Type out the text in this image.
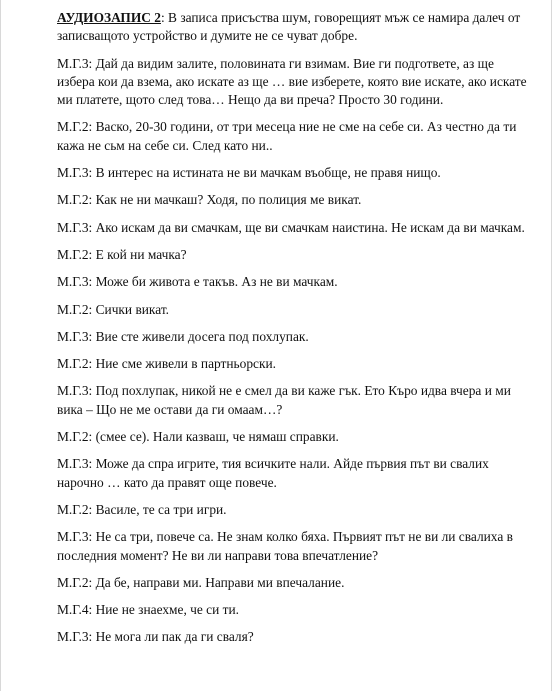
АУДИОЗАПИС 2: В записа присъства шум, говорещият мъж се намира далеч от записващото устройство и думите не се чуват добре.

М.Г.3: Дай да видим залите, половината ги взимам. Вие ги подгответе, аз ще избера кои да взема, ако искате аз ще … вие изберете, която вие искате, ако искате ми платете, щото след това… Нещо да ви преча? Просто 30 години.

М.Г.2: Васко, 20-30 години, от три месеца ние не сме на себе си. Аз честно да ти кажа не сьм на себе си. След като ни..

М.Г.3: В интерес на истината не ви мачкам въобще, не правя нищо.

М.Г.2: Как не ни мачкаш? Ходя, по полиция ме викат.

М.Г.3: Ако искам да ви смачкам, ще ви смачкам наистина. Не искам да ви мачкам.

М.Г.2: Е кой ни мачка?

М.Г.3: Може би живота е такъв. Аз не ви мачкам.

М.Г.2: Сички викат.

М.Г.3: Вие сте живели досега под похлупак.

М.Г.2: Ние сме живели в партньорски.

М.Г.3: Под похлупак, никой не е смел да ви каже гък. Ето Къро идва вчера и ми вика – Що не ме остави да ги омаам…?

М.Г.2: (смее се). Нали казваш, че нямаш справки.

М.Г.3: Може да спра игрите, тия всичките нали. Айде първия път ви свалих нарочно … като да правят още повече.

М.Г.2: Василе, те са три игри.

М.Г.3: Не са три, повече са. Не знам колко бяха. Първият път не ви ли свалиха в последния момент? Не ви ли направи това впечатление?

М.Г.2: Да бе, направи ми. Направи ми впечалание.

М.Г.4: Ние не знаехме, че си ти.

М.Г.3: Не мога ли пак да ги сваля?
